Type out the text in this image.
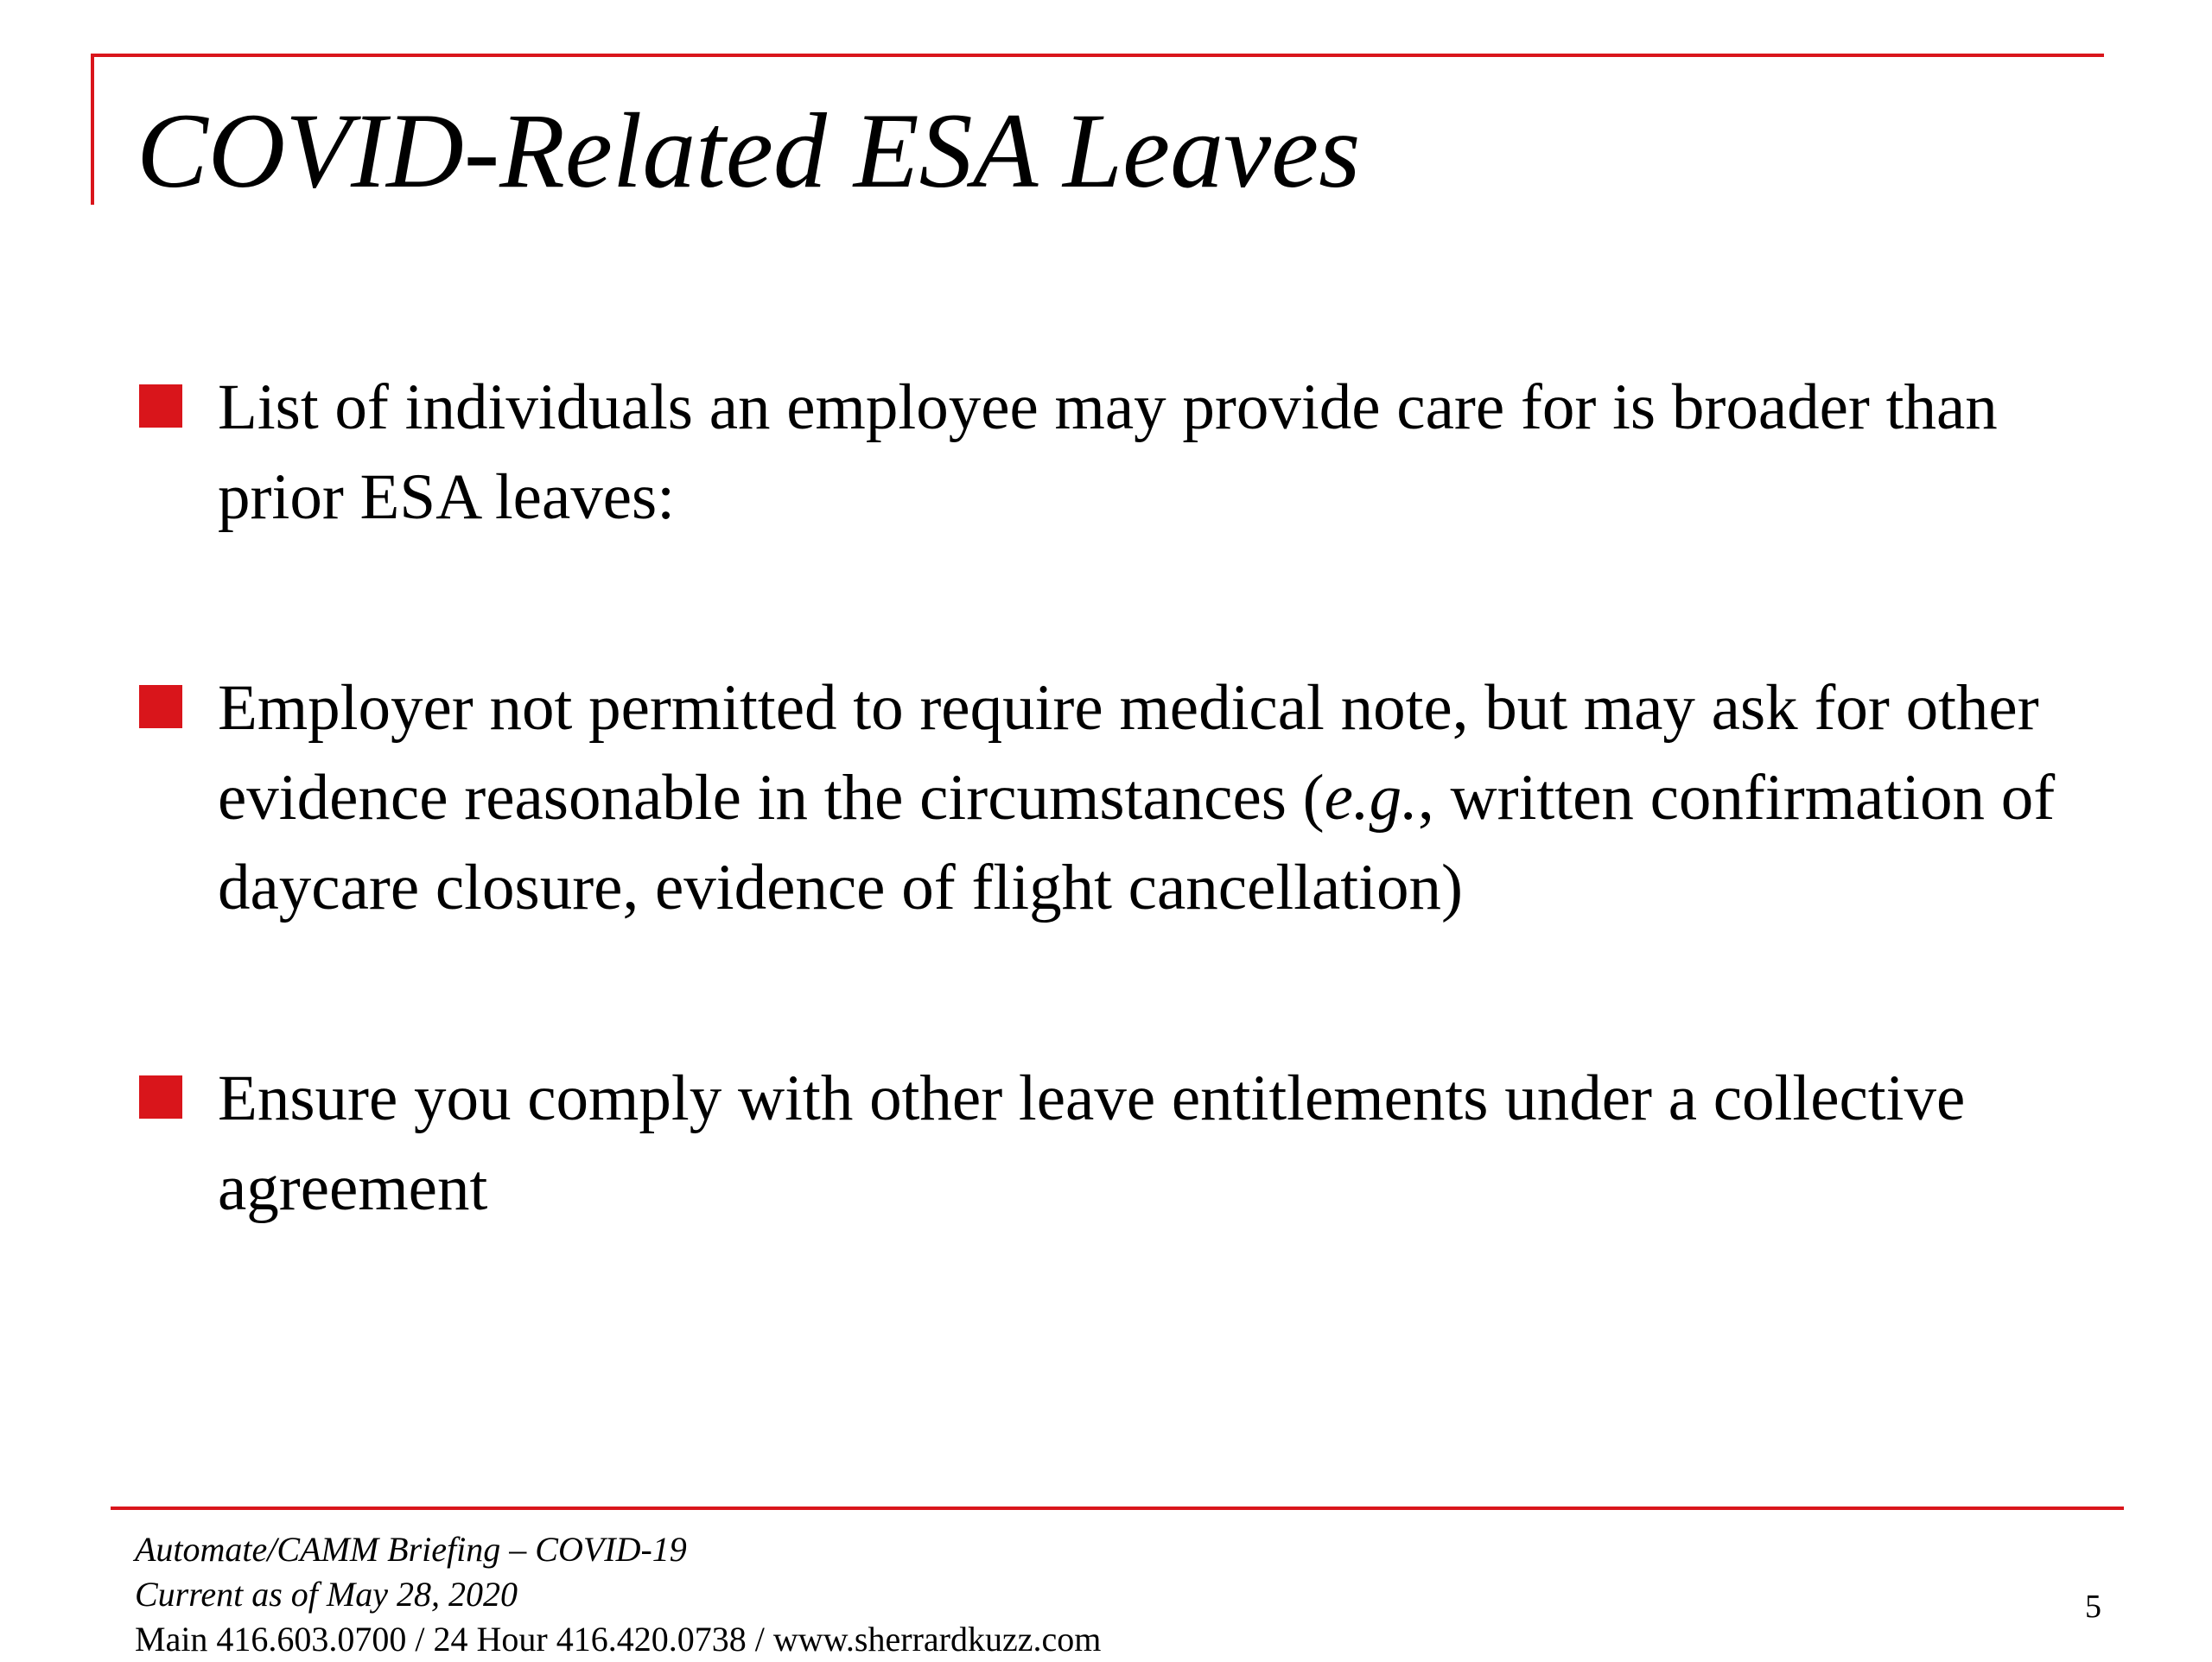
COVID-Related ESA Leaves
List of individuals an employee may provide care for is broader than prior ESA leaves:
Employer not permitted to require medical note, but may ask for other evidence reasonable in the circumstances (e.g., written confirmation of daycare closure, evidence of flight cancellation)
Ensure you comply with other leave entitlements under a collective agreement
Automate/CAMM Briefing – COVID-19
Current as of May 28, 2020
Main 416.603.0700 / 24 Hour 416.420.0738 / www.sherrardkuzz.com
5
